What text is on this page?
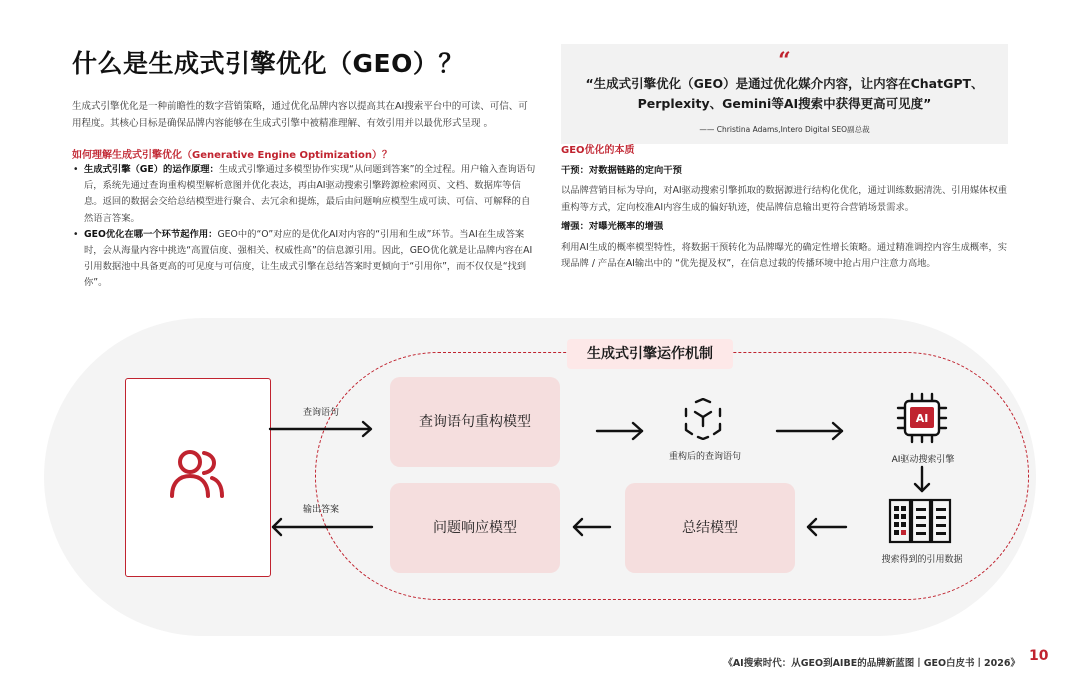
什么是生成式引擎优化（GEO）？
生成式引擎优化是一种前瞻性的数字营销策略，通过优化品牌内容以提高其在AI搜索平台中的可读、可信、可用程度。其核心目标是确保品牌内容能够在生成式引擎中被精准理解、有效引用并以最优形式呈现 。
如何理解生成式引擎优化（Generative Engine Optimization）？
• 生成式引擎（GE）的运作原理：生成式引擎通过多模型协作实现“从问题到答案”的全过程。用户输入查询语句后，系统先通过查询重构模型解析意图并优化表达，再由AI驱动搜索引擎跨源检索网页、文档、数据库等信息。返回的数据会交给总结模型进行聚合、去冗余和提炼，最后由问题响应模型生成可读、可信、可解释的自然语言答案。
• GEO优化在哪一个环节起作用：GEO中的“O”对应的是优化AI对内容的“引用和生成”环节。当AI在生成答案时，会从海量内容中挑选“高置信度、强相关、权威性高”的信息源引用。因此，GEO优化就是让品牌内容在AI引用数据池中具备更高的可见度与可信度，让生成式引擎在总结答案时更倾向于“引用你”，而不仅仅是“找到你”。
“
“生成式引擎优化（GEO）是通过优化媒介内容，让内容在ChatGPT、Perplexity、Gemini等AI搜索中获得更高可见度”
—— Christina Adams,Intero Digital SEO副总裁
GEO优化的本质
干预：对数据链路的定向干预
以品牌营销目标为导向，对AI驱动搜索引擎抓取的数据源进行结构化优化，通过训练数据清洗、引用媒体权重重构等方式，定向校准AI内容生成的偏好轨迹，使品牌信息输出更符合营销场景需求。
增强：对曝光概率的增强
利用AI生成的概率模型特性，将数据干预转化为品牌曝光的确定性增长策略。通过精准调控内容生成概率，实现品牌 / 产品在AI输出中的 “优先提及权”，在信息过载的传播环境中抢占用户注意力高地。
生成式引擎运作机制
查询语句
输出答案
查询语句重构模型
问题响应模型	总结模型
重构后的查询语句
AI
AI驱动搜索引擎
搜索得到的引用数据
《AI搜索时代：从GEO到AIBE的品牌新蓝图丨GEO白皮书丨2026》 10
